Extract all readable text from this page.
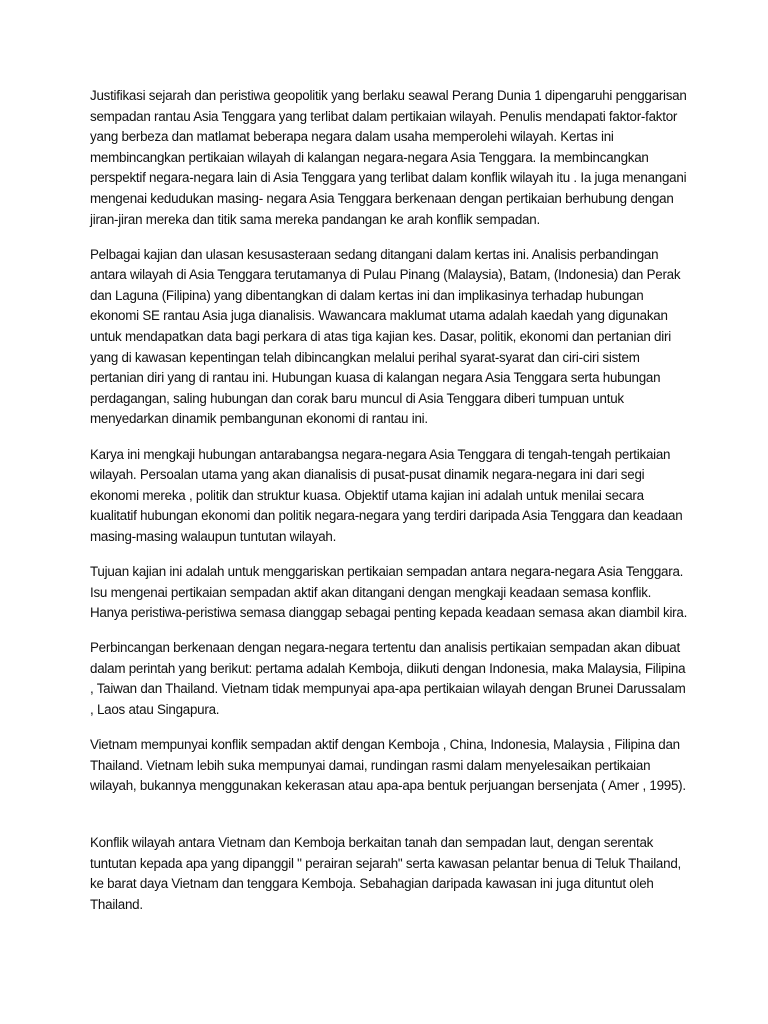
Justifikasi sejarah dan peristiwa geopolitik yang berlaku seawal Perang Dunia 1 dipengaruhi penggarisan sempadan rantau Asia Tenggara yang terlibat dalam pertikaian wilayah. Penulis mendapati faktor-faktor yang berbeza dan matlamat beberapa negara dalam usaha memperolehi wilayah. Kertas ini membincangkan pertikaian wilayah di kalangan negara-negara Asia Tenggara. Ia membincangkan perspektif negara-negara lain di Asia Tenggara yang terlibat dalam konflik wilayah itu . Ia juga menangani mengenai kedudukan masing- negara Asia Tenggara berkenaan dengan pertikaian berhubung dengan jiran-jiran mereka dan titik sama mereka pandangan ke arah konflik sempadan.

Pelbagai kajian dan ulasan kesusasteraan sedang ditangani dalam kertas ini. Analisis perbandingan antara wilayah di Asia Tenggara terutamanya di Pulau Pinang (Malaysia), Batam, (Indonesia) dan Perak dan Laguna (Filipina) yang dibentangkan di dalam kertas ini dan implikasinya terhadap hubungan ekonomi SE rantau Asia juga dianalisis. Wawancara maklumat utama adalah kaedah yang digunakan untuk mendapatkan data bagi perkara di atas tiga kajian kes. Dasar, politik, ekonomi dan pertanian diri yang di kawasan kepentingan telah dibincangkan melalui perihal syarat-syarat dan ciri-ciri sistem pertanian diri yang di rantau ini. Hubungan kuasa di kalangan negara Asia Tenggara serta hubungan perdagangan, saling hubungan dan corak baru muncul di Asia Tenggara diberi tumpuan untuk menyedarkan dinamik pembangunan ekonomi di rantau ini.

Karya ini mengkaji hubungan antarabangsa negara-negara Asia Tenggara di tengah-tengah pertikaian wilayah. Persoalan utama yang akan dianalisis di pusat-pusat dinamik negara-negara ini dari segi ekonomi mereka , politik dan struktur kuasa. Objektif utama kajian ini adalah untuk menilai secara kualitatif hubungan ekonomi dan politik negara-negara yang terdiri daripada Asia Tenggara dan keadaan masing-masing walaupun tuntutan wilayah.

Tujuan kajian ini adalah untuk menggariskan pertikaian sempadan antara negara-negara Asia Tenggara. Isu mengenai pertikaian sempadan aktif akan ditangani dengan mengkaji keadaan semasa konflik. Hanya peristiwa-peristiwa semasa dianggap sebagai penting kepada keadaan semasa akan diambil kira.

Perbincangan berkenaan dengan negara-negara tertentu dan analisis pertikaian sempadan akan dibuat dalam perintah yang berikut: pertama adalah Kemboja, diikuti dengan Indonesia, maka Malaysia, Filipina , Taiwan dan Thailand. Vietnam tidak mempunyai apa-apa pertikaian wilayah dengan Brunei Darussalam , Laos atau Singapura.

Vietnam mempunyai konflik sempadan aktif dengan Kemboja , China, Indonesia, Malaysia , Filipina dan Thailand. Vietnam lebih suka mempunyai damai, rundingan rasmi dalam menyelesaikan pertikaian wilayah, bukannya menggunakan kekerasan atau apa-apa bentuk perjuangan bersenjata ( Amer , 1995).

Konflik wilayah antara Vietnam dan Kemboja berkaitan tanah dan sempadan laut, dengan serentak tuntutan kepada apa yang dipanggil " perairan sejarah" serta kawasan pelantar benua di Teluk Thailand, ke barat daya Vietnam dan tenggara Kemboja. Sebahagian daripada kawasan ini juga dituntut oleh Thailand.
